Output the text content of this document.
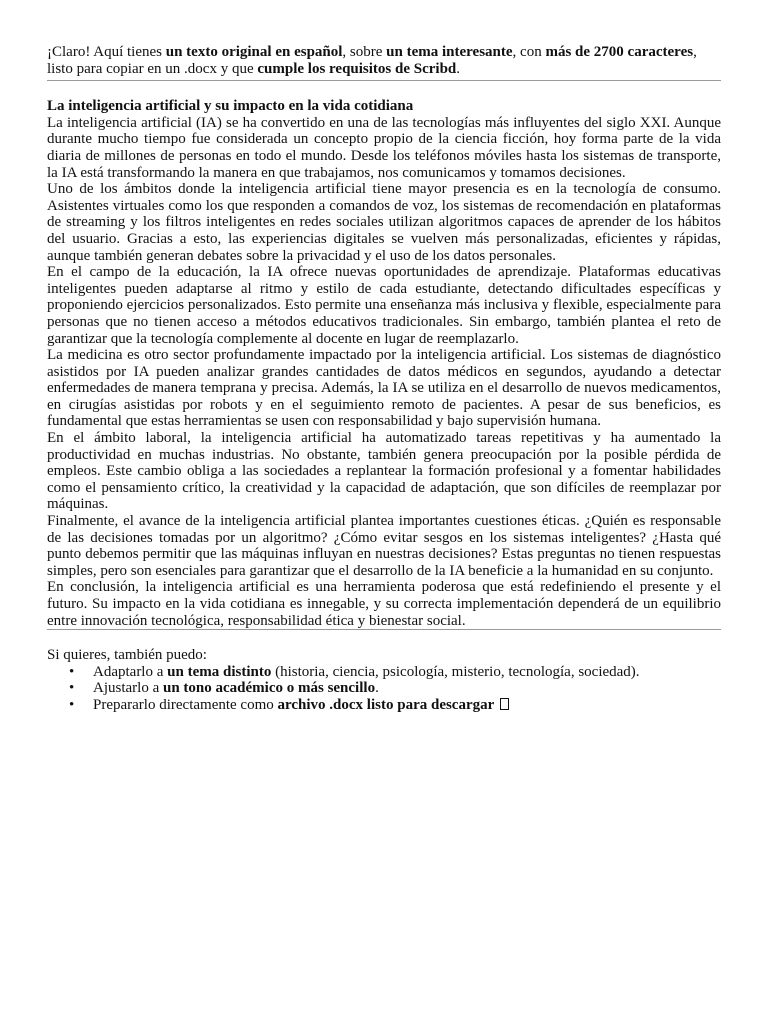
¡Claro! Aquí tienes un texto original en español, sobre un tema interesante, con más de 2700 caracteres, listo para copiar en un .docx y que cumple los requisitos de Scribd.

La inteligencia artificial y su impacto en la vida cotidiana

La inteligencia artificial (IA) se ha convertido en una de las tecnologías más influyentes del siglo XXI. Aunque durante mucho tiempo fue considerada un concepto propio de la ciencia ficción, hoy forma parte de la vida diaria de millones de personas en todo el mundo. Desde los teléfonos móviles hasta los sistemas de transporte, la IA está transformando la manera en que trabajamos, nos comunicamos y tomamos decisiones.

Uno de los ámbitos donde la inteligencia artificial tiene mayor presencia es en la tecnología de consumo. Asistentes virtuales como los que responden a comandos de voz, los sistemas de recomendación en plataformas de streaming y los filtros inteligentes en redes sociales utilizan algoritmos capaces de aprender de los hábitos del usuario. Gracias a esto, las experiencias digitales se vuelven más personalizadas, eficientes y rápidas, aunque también generan debates sobre la privacidad y el uso de los datos personales.

En el campo de la educación, la IA ofrece nuevas oportunidades de aprendizaje. Plataformas educativas inteligentes pueden adaptarse al ritmo y estilo de cada estudiante, detectando dificultades específicas y proponiendo ejercicios personalizados. Esto permite una enseñanza más inclusiva y flexible, especialmente para personas que no tienen acceso a métodos educativos tradicionales. Sin embargo, también plantea el reto de garantizar que la tecnología complemente al docente en lugar de reemplazarlo.

La medicina es otro sector profundamente impactado por la inteligencia artificial. Los sistemas de diagnóstico asistidos por IA pueden analizar grandes cantidades de datos médicos en segundos, ayudando a detectar enfermedades de manera temprana y precisa. Además, la IA se utiliza en el desarrollo de nuevos medicamentos, en cirugías asistidas por robots y en el seguimiento remoto de pacientes. A pesar de sus beneficios, es fundamental que estas herramientas se usen con responsabilidad y bajo supervisión humana.

En el ámbito laboral, la inteligencia artificial ha automatizado tareas repetitivas y ha aumentado la productividad en muchas industrias. No obstante, también genera preocupación por la posible pérdida de empleos. Este cambio obliga a las sociedades a replantear la formación profesional y a fomentar habilidades como el pensamiento crítico, la creatividad y la capacidad de adaptación, que son difíciles de reemplazar por máquinas.

Finalmente, el avance de la inteligencia artificial plantea importantes cuestiones éticas. ¿Quién es responsable de las decisiones tomadas por un algoritmo? ¿Cómo evitar sesgos en los sistemas inteligentes? ¿Hasta qué punto debemos permitir que las máquinas influyan en nuestras decisiones? Estas preguntas no tienen respuestas simples, pero son esenciales para garantizar que el desarrollo de la IA beneficie a la humanidad en su conjunto.

En conclusión, la inteligencia artificial es una herramienta poderosa que está redefiniendo el presente y el futuro. Su impacto en la vida cotidiana es innegable, y su correcta implementación dependerá de un equilibrio entre innovación tecnológica, responsabilidad ética y bienestar social.

Si quieres, también puedo:

• Adaptarlo a un tema distinto (historia, ciencia, psicología, misterio, tecnología, sociedad).
• Ajustarlo a un tono académico o más sencillo.
• Prepararlo directamente como archivo .docx listo para descargar
